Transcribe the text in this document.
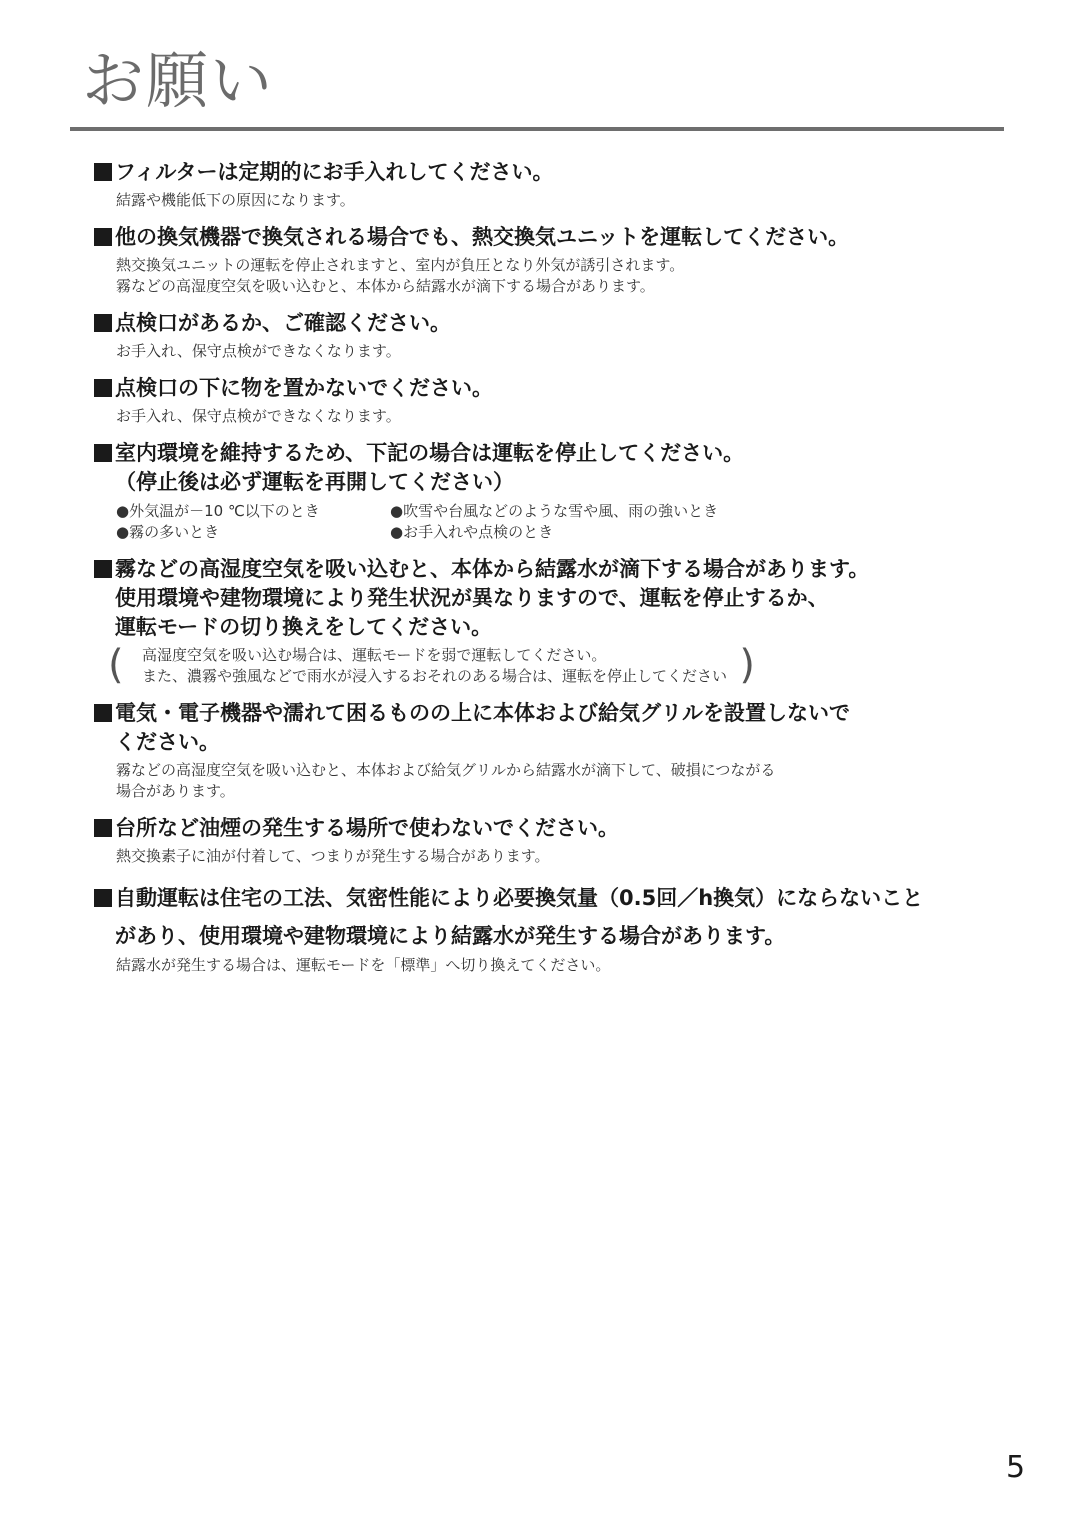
お願い
フィルターは定期的にお手入れしてください。
結露や機能低下の原因になります。
他の換気機器で換気される場合でも、熱交換気ユニットを運転してください。
熱交換気ユニットの運転を停止されますと、室内が負圧となり外気が誘引されます。
霧などの高湿度空気を吸い込むと、本体から結露水が滴下する場合があります。
点検口があるか、ご確認ください。
お手入れ、保守点検ができなくなります。
点検口の下に物を置かないでください。
お手入れ、保守点検ができなくなります。
室内環境を維持するため、下記の場合は運転を停止してください。
（停止後は必ず運転を再開してください）
●外気温が－10 ℃以下のとき	●吹雪や台風などのような雪や風、雨の強いとき
●霧の多いとき	●お手入れや点検のとき
霧などの高湿度空気を吸い込むと、本体から結露水が滴下する場合があります。
使用環境や建物環境により発生状況が異なりますので、運転を停止するか、
運転モードの切り換えをしてください。
( 高湿度空気を吸い込む場合は、運転モードを弱で運転してください。
また、濃霧や強風などで雨水が浸入するおそれのある場合は、運転を停止してください )
電気・電子機器や濡れて困るものの上に本体および給気グリルを設置しないで
ください。
霧などの高湿度空気を吸い込むと、本体および給気グリルから結露水が滴下して、破損につながる
場合があります。
台所など油煙の発生する場所で使わないでください。
熱交換素子に油が付着して、つまりが発生する場合があります。
自動運転は住宅の工法、気密性能により必要換気量（0.5回／h換気）にならないこと
があり、使用環境や建物環境により結露水が発生する場合があります。
結露水が発生する場合は、運転モードを「標準」へ切り換えてください。
5
